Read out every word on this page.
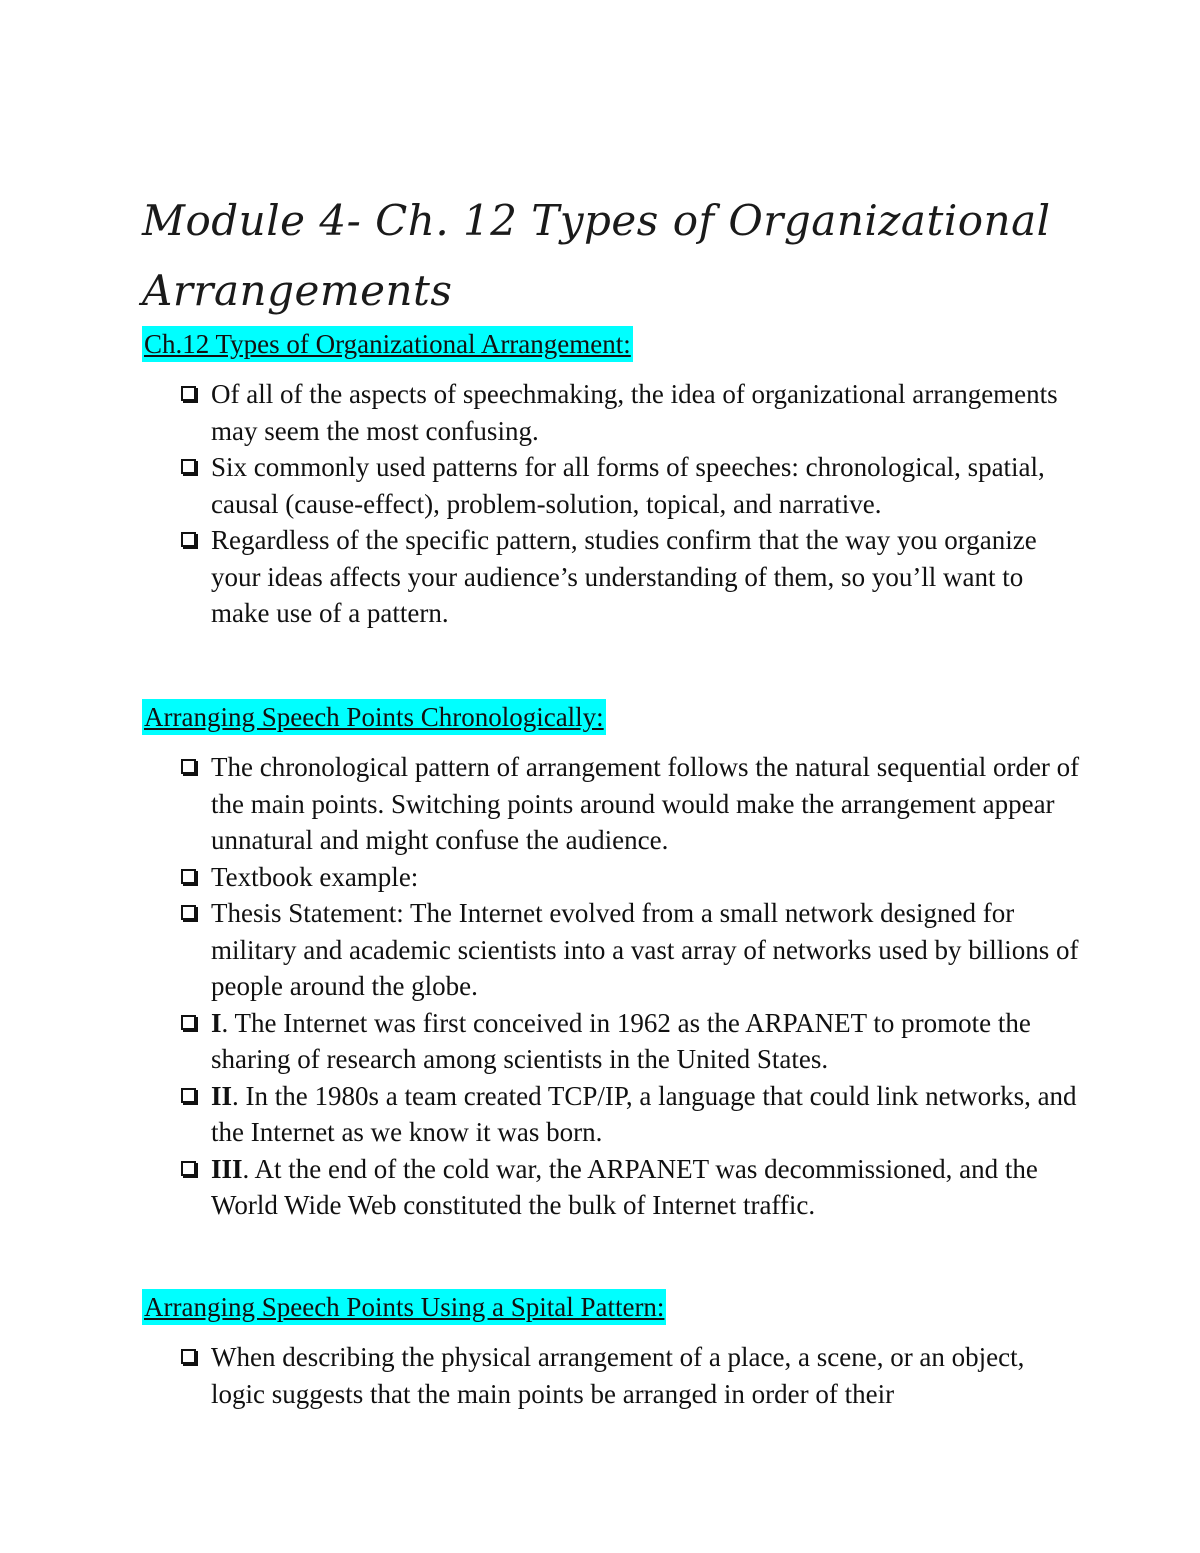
Module 4- Ch. 12 Types of Organizational Arrangements
Ch.12 Types of Organizational Arrangement:
Of all of the aspects of speechmaking, the idea of organizational arrangements may seem the most confusing.
Six commonly used patterns for all forms of speeches: chronological, spatial, causal (cause-effect), problem-solution, topical, and narrative.
Regardless of the specific pattern, studies confirm that the way you organize your ideas affects your audience’s understanding of them, so you’ll want to make use of a pattern.
Arranging Speech Points Chronologically:
The chronological pattern of arrangement follows the natural sequential order of the main points. Switching points around would make the arrangement appear unnatural and might confuse the audience.
Textbook example:
Thesis Statement: The Internet evolved from a small network designed for military and academic scientists into a vast array of networks used by billions of people around the globe.
I. The Internet was first conceived in 1962 as the ARPANET to promote the sharing of research among scientists in the United States.
II. In the 1980s a team created TCP/IP, a language that could link networks, and the Internet as we know it was born.
III. At the end of the cold war, the ARPANET was decommissioned, and the World Wide Web constituted the bulk of Internet traffic.
Arranging Speech Points Using a Spital Pattern:
When describing the physical arrangement of a place, a scene, or an object, logic suggests that the main points be arranged in order of their
